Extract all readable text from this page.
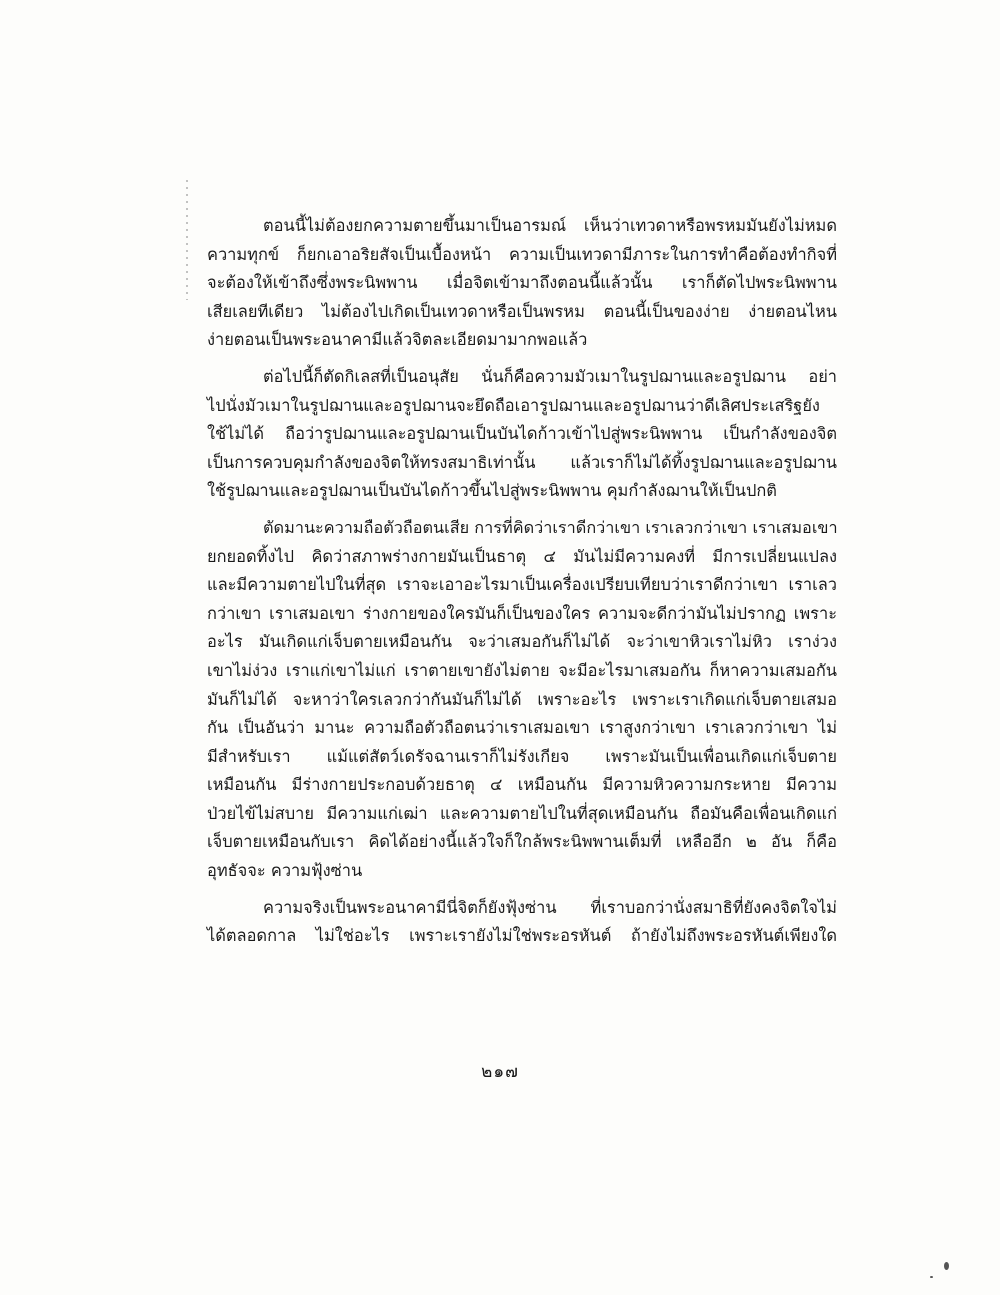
ตอนนี้ไม่ต้องยกความตายขึ้นมาเป็นอารมณ์ เห็นว่าเทวดาหรือพรหมมันยังไม่หมด
ความทุกข์ ก็ยกเอาอริยสัจเป็นเบื้องหน้า ความเป็นเทวดามีภาระในการทำคือต้องทำกิจที่
จะต้องให้เข้าถึงซึ่งพระนิพพาน เมื่อจิตเข้ามาถึงตอนนี้แล้วนั้น เราก็ตัดไปพระนิพพาน
เสียเลยทีเดียว ไม่ต้องไปเกิดเป็นเทวดาหรือเป็นพรหม ตอนนี้เป็นของง่าย ง่ายตอนไหน
ง่ายตอนเป็นพระอนาคามีแล้วจิตละเอียดมามากพอแล้ว
ต่อไปนี้ก็ตัดกิเลสที่เป็นอนุสัย นั่นก็คือความมัวเมาในรูปฌานและอรูปฌาน อย่า
ไปนั่งมัวเมาในรูปฌานและอรูปฌานจะยึดถือเอารูปฌานและอรูปฌานว่าดีเลิศประเสริฐยัง
ใช้ไม่ได้ ถือว่ารูปฌานและอรูปฌานเป็นบันไดก้าวเข้าไปสู่พระนิพพาน เป็นกำลังของจิต
เป็นการควบคุมกำลังของจิตให้ทรงสมาธิเท่านั้น แล้วเราก็ไม่ได้ทิ้งรูปฌานและอรูปฌาน
ใช้รูปฌานและอรูปฌานเป็นบันไดก้าวขึ้นไปสู่พระนิพพาน คุมกำลังฌานให้เป็นปกติ
ตัดมานะความถือตัวถือตนเสีย การที่คิดว่าเราดีกว่าเขา เราเลวกว่าเขา เราเสมอเขา
ยกยอดทิ้งไป คิดว่าสภาพร่างกายมันเป็นธาตุ ๔ มันไม่มีความคงที่ มีการเปลี่ยนแปลง
และมีความตายไปในที่สุด เราจะเอาอะไรมาเป็นเครื่องเปรียบเทียบว่าเราดีกว่าเขา เราเลว
กว่าเขา เราเสมอเขา ร่างกายของใครมันก็เป็นของใคร ความจะดีกว่ามันไม่ปรากฏ เพราะ
อะไร มันเกิดแก่เจ็บตายเหมือนกัน จะว่าเสมอกันก็ไม่ได้ จะว่าเขาหิวเราไม่หิว เราง่วง
เขาไม่ง่วง เราแก่เขาไม่แก่ เราตายเขายังไม่ตาย จะมีอะไรมาเสมอกัน ก็หาความเสมอกัน
มันก็ไม่ได้ จะหาว่าใครเลวกว่ากันมันก็ไม่ได้ เพราะอะไร เพราะเราเกิดแก่เจ็บตายเสมอ
กัน เป็นอันว่า มานะ ความถือตัวถือตนว่าเราเสมอเขา เราสูงกว่าเขา เราเลวกว่าเขา ไม่
มีสำหรับเรา แม้แต่สัตว์เดรัจฉานเราก็ไม่รังเกียจ เพราะมันเป็นเพื่อนเกิดแก่เจ็บตาย
เหมือนกัน มีร่างกายประกอบด้วยธาตุ ๔ เหมือนกัน มีความหิวความกระหาย มีความ
ป่วยไข้ไม่สบาย มีความแก่เฒ่า และความตายไปในที่สุดเหมือนกัน ถือมันคือเพื่อนเกิดแก่
เจ็บตายเหมือนกับเรา คิดได้อย่างนี้แล้วใจก็ใกล้พระนิพพานเต็มที่ เหลืออีก ๒ อัน ก็คือ
อุทธัจจะ ความฟุ้งซ่าน
ความจริงเป็นพระอนาคามีนี่จิตก็ยังฟุ้งซ่าน ที่เราบอกว่านั่งสมาธิที่ยังคงจิตใจไม่
ได้ตลอดกาล ไม่ใช่อะไร เพราะเรายังไม่ใช่พระอรหันต์ ถ้ายังไม่ถึงพระอรหันต์เพียงใด
๒๑๗
